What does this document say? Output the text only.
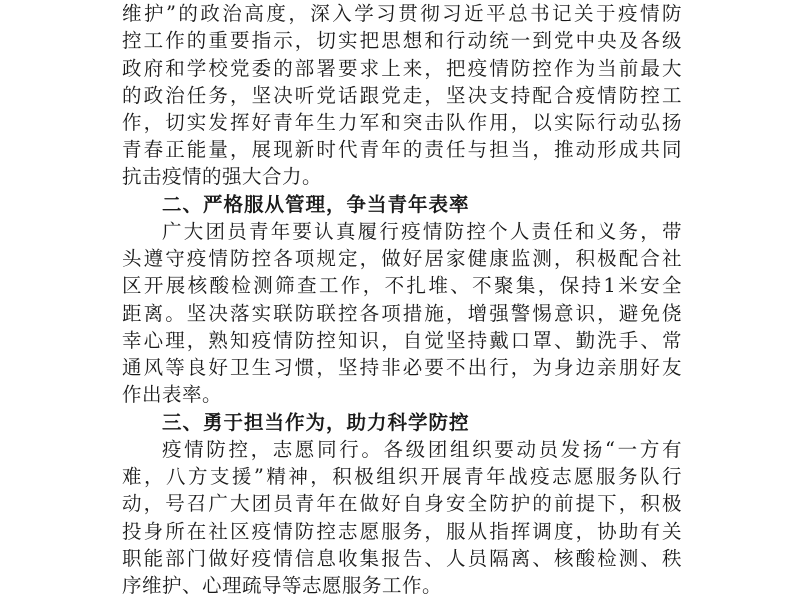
维护”的政治高度，深入学习贯彻习近平总书记关于疫情防
控工作的重要指示，切实把思想和行动统一到党中央及各级
政府和学校党委的部署要求上来，把疫情防控作为当前最大
的政治任务，坚决听党话跟党走，坚决支持配合疫情防控工
作，切实发挥好青年生力军和突击队作用，以实际行动弘扬
青春正能量，展现新时代青年的责任与担当，推动形成共同
抗击疫情的强大合力。
二、严格服从管理，争当青年表率
广大团员青年要认真履行疫情防控个人责任和义务，带
头遵守疫情防控各项规定，做好居家健康监测，积极配合社
区开展核酸检测筛查工作，不扎堆、不聚集，保持1米安全
距离。坚决落实联防联控各项措施，增强警惕意识，避免侥
幸心理，熟知疫情防控知识，自觉坚持戴口罩、勤洗手、常
通风等良好卫生习惯，坚持非必要不出行，为身边亲朋好友
作出表率。
三、勇于担当作为，助力科学防控
疫情防控，志愿同行。各级团组织要动员发扬“一方有
难，八方支援”精神，积极组织开展青年战疫志愿服务队行
动，号召广大团员青年在做好自身安全防护的前提下，积极
投身所在社区疫情防控志愿服务，服从指挥调度，协助有关
职能部门做好疫情信息收集报告、人员隔离、核酸检测、秩
序维护、心理疏导等志愿服务工作。
